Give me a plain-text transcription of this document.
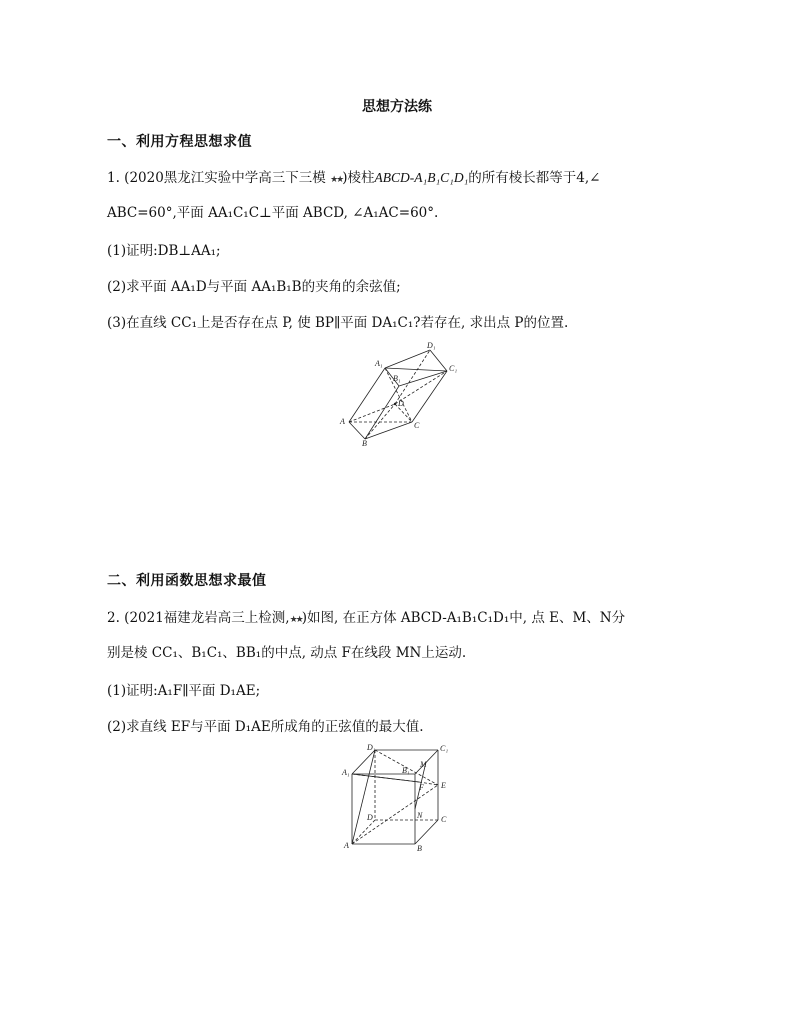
思想方法练
一、利用方程思想求值
1. (2020黑龙江实验中学高三下三模 ★★)棱柱ABCD-A₁B₁C₁D₁的所有棱长都等于4,∠
ABC=60°,平面 AA₁C₁C⊥平面 ABCD, ∠A₁AC=60°.
(1)证明:DB⊥AA₁;
(2)求平面 AA₁D与平面 AA₁B₁B的夹角的余弦值;
(3)在直线 CC₁上是否存在点 P, 使 BP∥平面 DA₁C₁?若存在, 求出点 P的位置.
A₁
D₁
C₁
B₁
D
A	C
B
二、利用函数思想求最值
2. (2021福建龙岩高三上检测,★★)如图, 在正方体 ABCD-A₁B₁C₁D₁中, 点 E、M、N分
别是棱 CC₁、B₁C₁、BB₁的中点, 动点 F在线段 MN上运动.
(1)证明:A₁F∥平面 D₁AE;
(2)求直线 EF与平面 D₁AE所成角的正弦值的最大值.
D₁	C₁
A₁	B₁
M
F E
D	N C
A	B
